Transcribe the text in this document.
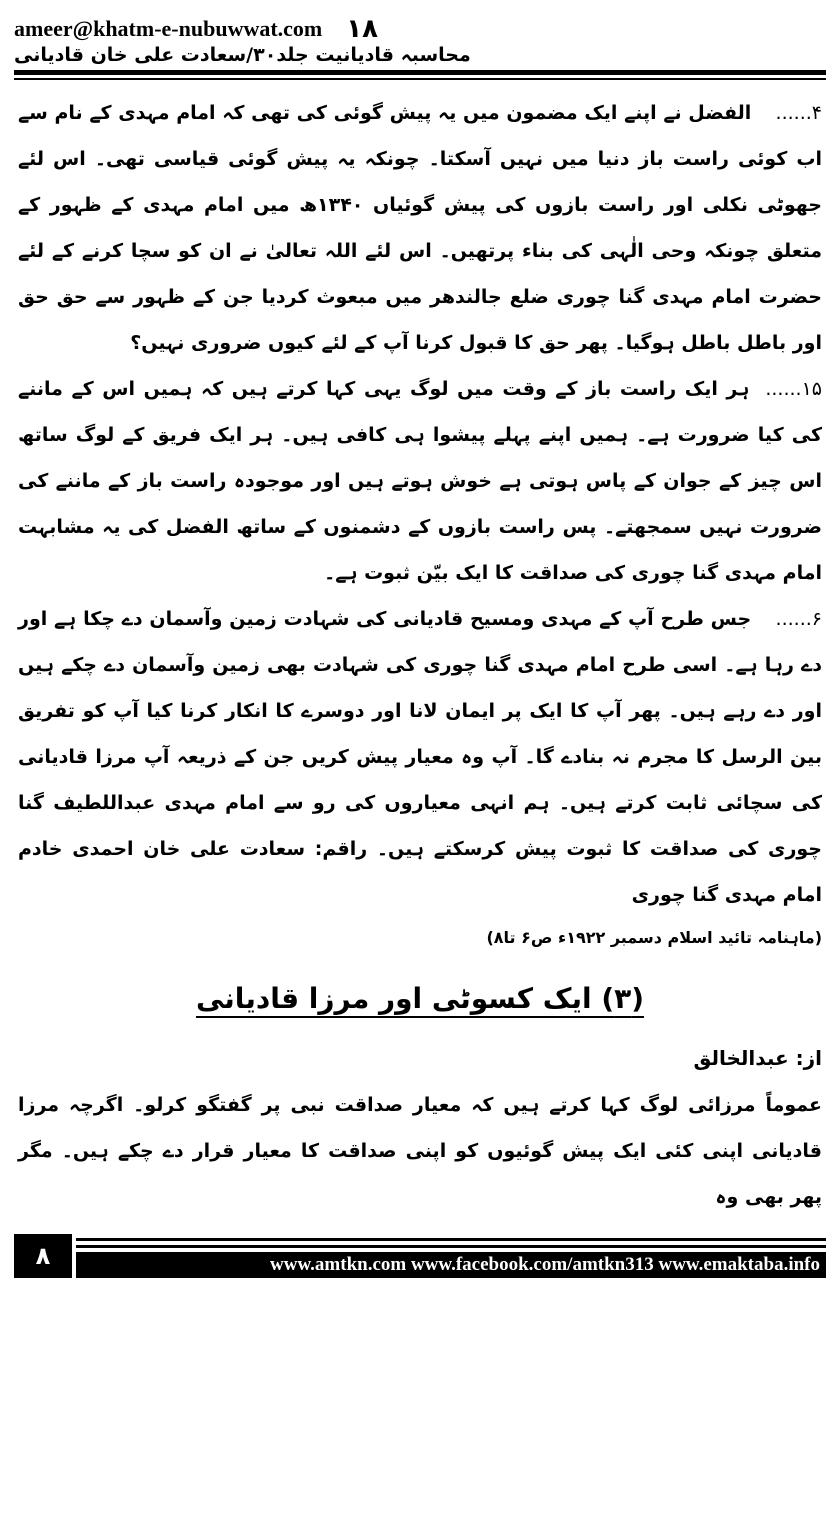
ameer@khatm-e-nubuwwat.com ۱۸
محاسبہ قادیانیت جلد۳۰/سعادت علی خان قادیانی
۴...... الفضل نے اپنے ایک مضمون میں یہ پیش گوئی کی تھی کہ امام مہدی کے نام سے اب کوئی راست باز دنیا میں نہیں آسکتا۔ چونکہ یہ پیش گوئی قیاسی تھی۔ اس لئے جھوٹی نکلی اور راست بازوں کی پیش گوئیاں ۱۳۴۰ھ میں امام مہدی کے ظہور کے متعلق چونکہ وحی الٰہی کی بناء پرتھیں۔ اس لئے اللہ تعالیٰ نے ان کو سچا کرنے کے لئے حضرت امام مہدی گنا چوری ضلع جالندھر میں مبعوث کردیا جن کے ظہور سے حق حق اور باطل باطل ہوگیا۔ پھر حق کا قبول کرنا آپ کے لئے کیوں ضروری نہیں؟
۱۵...... ہر ایک راست باز کے وقت میں لوگ یہی کہا کرتے ہیں کہ ہمیں اس کے ماننے کی کیا ضرورت ہے۔ ہمیں اپنے پہلے پیشوا ہی کافی ہیں۔ ہر ایک فریق کے لوگ ساتھ اس چیز کے جوان کے پاس ہوتی ہے خوش ہوتے ہیں اور موجودہ راست باز کے ماننے کی ضرورت نہیں سمجھتے۔ پس راست بازوں کے دشمنوں کے ساتھ الفضل کی یہ مشابہت امام مہدی گنا چوری کی صداقت کا ایک بیّن ثبوت ہے۔
۶...... جس طرح آپ کے مہدی ومسیح قادیانی کی شہادت زمین وآسمان دے چکا ہے اور دے رہا ہے۔ اسی طرح امام مہدی گنا چوری کی شہادت بھی زمین وآسمان دے چکے ہیں اور دے رہے ہیں۔ پھر آپ کا ایک پر ایمان لانا اور دوسرے کا انکار کرنا کیا آپ کو تفریق بین الرسل کا مجرم نہ بنادے گا۔ آپ وہ معیار پیش کریں جن کے ذریعہ آپ مرزا قادیانی کی سچائی ثابت کرتے ہیں۔ ہم انہی معیاروں کی رو سے امام مہدی عبداللطیف گنا چوری کی صداقت کا ثبوت پیش کرسکتے ہیں۔ راقم: سعادت علی خان احمدی خادم امام مہدی گنا چوری
(ماہنامہ تائید اسلام دسمبر ۱۹۲۲ء ص۶ تا۸)
(۳) ایک کسوٹی اور مرزا قادیانی
از: عبدالخالق
عموماً مرزائی لوگ کہا کرتے ہیں کہ معیار صداقت نبی پر گفتگو کرلو۔ اگرچہ مرزا قادیانی اپنی کئی ایک پیش گوئیوں کو اپنی صداقت کا معیار قرار دے چکے ہیں۔ مگر پھر بھی وہ
۸	www.amtkn.com www.facebook.com/amtkn313 www.emaktaba.info
